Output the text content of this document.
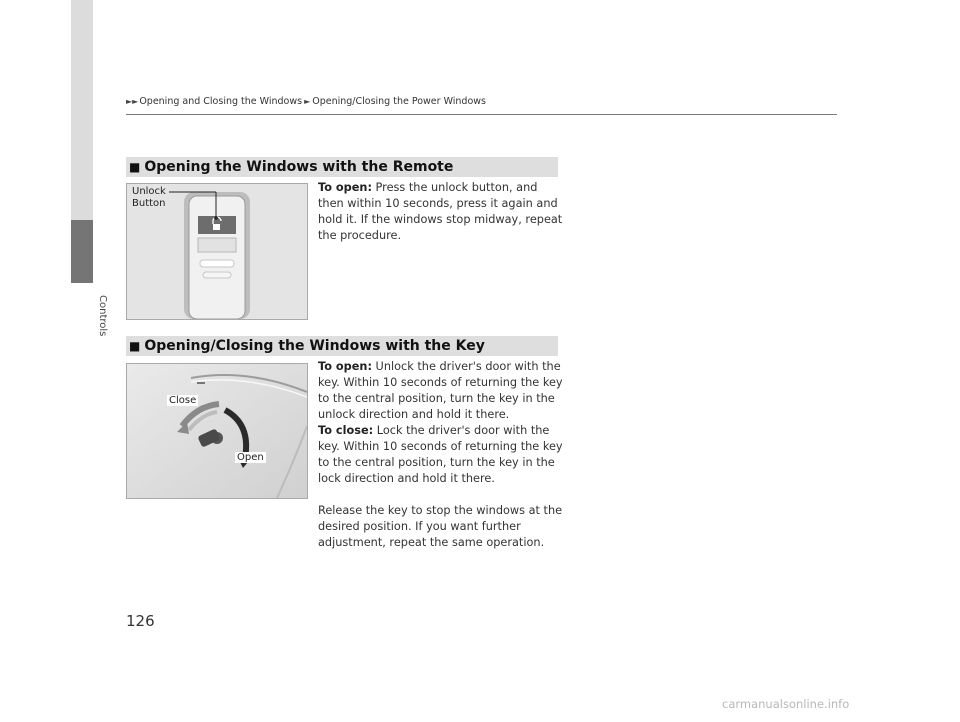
Controls
►► Opening and Closing the Windows ► Opening/Closing the Power Windows
■ Opening the Windows with the Remote
Unlock
Button

To open: Press the unlock button, and then within 10 seconds, press it again and hold it. If the windows stop midway, repeat the procedure.

■ Opening/Closing the Windows with the Key
Close
Open

To open: Unlock the driver's door with the key. Within 10 seconds of returning the key to the central position, turn the key in the unlock direction and hold it there.

To close: Lock the driver's door with the key. Within 10 seconds of returning the key to the central position, turn the key in the lock direction and hold it there.

Release the key to stop the windows at the desired position. If you want further adjustment, repeat the same operation.

126
carmanualsonline.info
